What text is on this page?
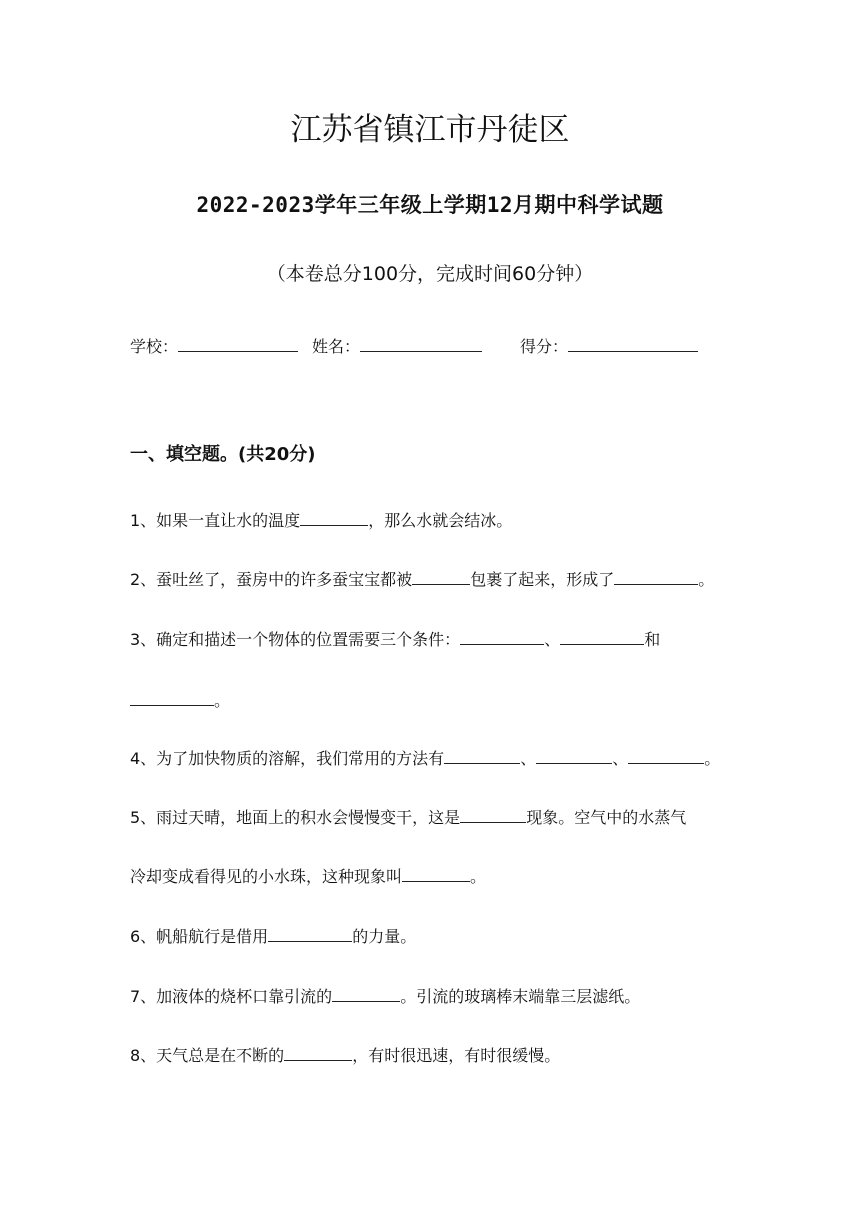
江苏省镇江市丹徒区
2022-2023学年三年级上学期12月期中科学试题
（本卷总分100分，完成时间60分钟）
学校：	姓名：	得分：
一、填空题。(共20分)
1、如果一直让水的温度	，那么水就会结冰。
2、蚕吐丝了，蚕房中的许多蚕宝宝都被	包裹了起来，形成了	。
3、确定和描述一个物体的位置需要三个条件：	、	和
。
4、为了加快物质的溶解，我们常用的方法有	、	、	。
5、雨过天晴，地面上的积水会慢慢变干，这是	现象。空气中的水蒸气
冷却变成看得见的小水珠，这种现象叫	。
6、帆船航行是借用	的力量。
7、加液体的烧杯口靠引流的	。引流的玻璃棒末端靠三层滤纸。
8、天气总是在不断的	，有时很迅速，有时很缓慢。
